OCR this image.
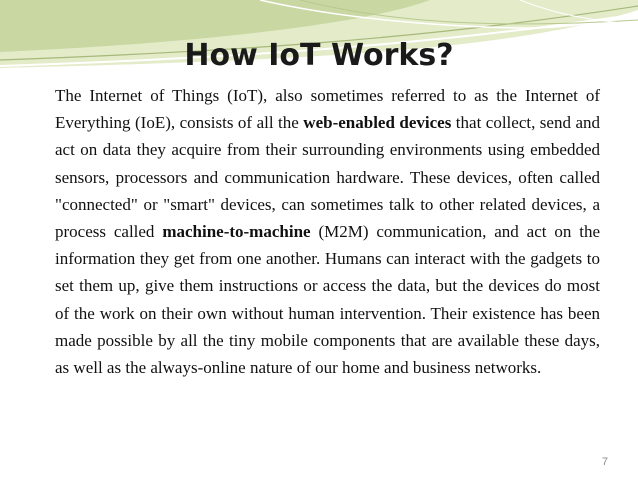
How IoT Works?

The Internet of Things (IoT), also sometimes referred to as the Internet of Everything (IoE), consists of all the web-enabled devices that collect, send and act on data they acquire from their surrounding environments using embedded sensors, processors and communication hardware. These devices, often called "connected" or "smart" devices, can sometimes talk to other related devices, a process called machine-to-machine (M2M) communication, and act on the information they get from one another. Humans can interact with the gadgets to set them up, give them instructions or access the data, but the devices do most of the work on their own without human intervention. Their existence has been made possible by all the tiny mobile components that are available these days, as well as the always-online nature of our home and business networks.

7
